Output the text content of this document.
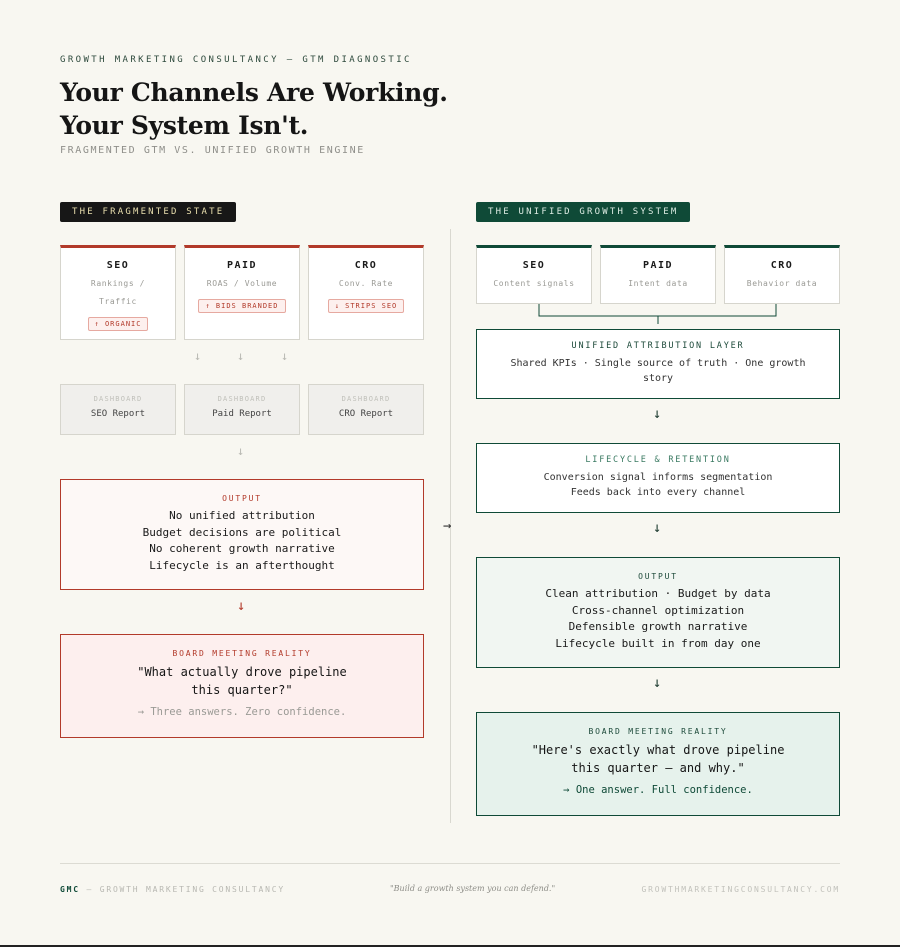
GROWTH MARKETING CONSULTANCY — GTM DIAGNOSTIC
Your Channels Are Working.
Your System Isn't.
FRAGMENTED GTM VS. UNIFIED GROWTH ENGINE
THE FRAGMENTED STATE	THE UNIFIED GROWTH SYSTEM
→
SEO
Rankings / Traffic
↑ ORGANIC
PAID
ROAS / Volume
↑ BIDS BRANDED
CRO
Conv. Rate
↓ STRIPS SEO
↓	↓	↓
DASHBOARD
SEO Report
DASHBOARD
Paid Report
DASHBOARD
CRO Report
↓
OUTPUT
No unified attribution
Budget decisions are political
No coherent growth narrative
Lifecycle is an afterthought
↓
BOARD MEETING REALITY
"What actually drove pipeline
this quarter?"
→ Three answers. Zero confidence.
SEO
Content signals
PAID
Intent data
CRO
Behavior data
UNIFIED ATTRIBUTION LAYER
Shared KPIs · Single source of truth · One growth story
↓
LIFECYCLE & RETENTION
Conversion signal informs segmentation
Feeds back into every channel
↓
OUTPUT
Clean attribution · Budget by data
Cross-channel optimization
Defensible growth narrative
Lifecycle built in from day one
↓
BOARD MEETING REALITY
"Here's exactly what drove pipeline
this quarter — and why."
→ One answer. Full confidence.
GMC — GROWTH MARKETING CONSULTANCY	"Build a growth system you can defend."	GROWTHMARKETINGCONSULTANCY.COM
